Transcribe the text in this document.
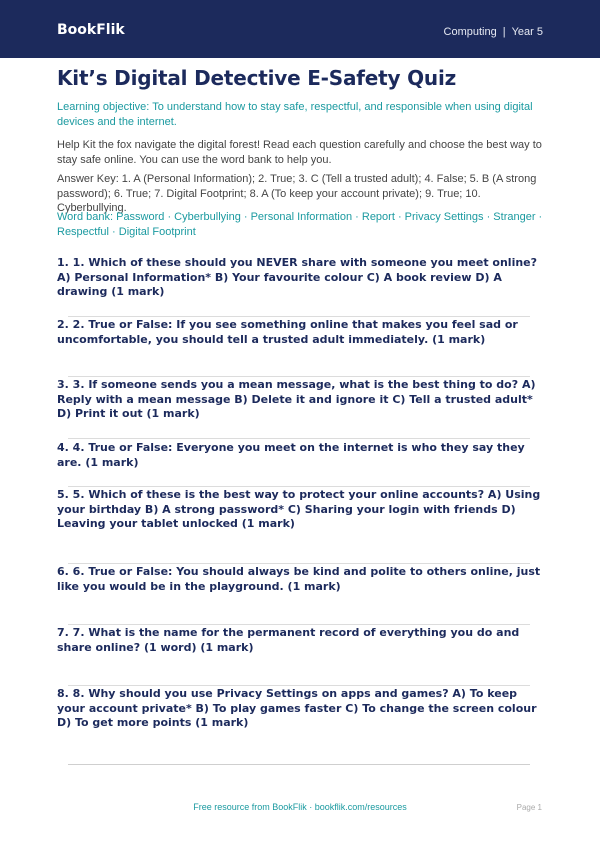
BookFlik	Computing | Year 5
Kit’s Digital Detective E-Safety Quiz
Learning objective: To understand how to stay safe, respectful, and responsible when using digital devices and the internet.
Help Kit the fox navigate the digital forest! Read each question carefully and choose the best way to stay safe online. You can use the word bank to help you.
Answer Key: 1. A (Personal Information); 2. True; 3. C (Tell a trusted adult); 4. False; 5. B (A strong password); 6. True; 7. Digital Footprint; 8. A (To keep your account private); 9. True; 10. Cyberbullying.
Word bank: Password · Cyberbullying · Personal Information · Report · Privacy Settings · Stranger · Respectful · Digital Footprint
1. 1. Which of these should you NEVER share with someone you meet online? A) Personal Information* B) Your favourite colour C) A book review D) A drawing (1 mark)
2. 2. True or False: If you see something online that makes you feel sad or uncomfortable, you should tell a trusted adult immediately. (1 mark)
3. 3. If someone sends you a mean message, what is the best thing to do? A) Reply with a mean message B) Delete it and ignore it C) Tell a trusted adult* D) Print it out (1 mark)
4. 4. True or False: Everyone you meet on the internet is who they say they are. (1 mark)
5. 5. Which of these is the best way to protect your online accounts? A) Using your birthday B) A strong password* C) Sharing your login with friends D) Leaving your tablet unlocked (1 mark)
6. 6. True or False: You should always be kind and polite to others online, just like you would be in the playground. (1 mark)
7. 7. What is the name for the permanent record of everything you do and share online? (1 word) (1 mark)
8. 8. Why should you use Privacy Settings on apps and games? A) To keep your account private* B) To play games faster C) To change the screen colour D) To get more points (1 mark)
Free resource from BookFlik · bookflik.com/resources	Page 1
